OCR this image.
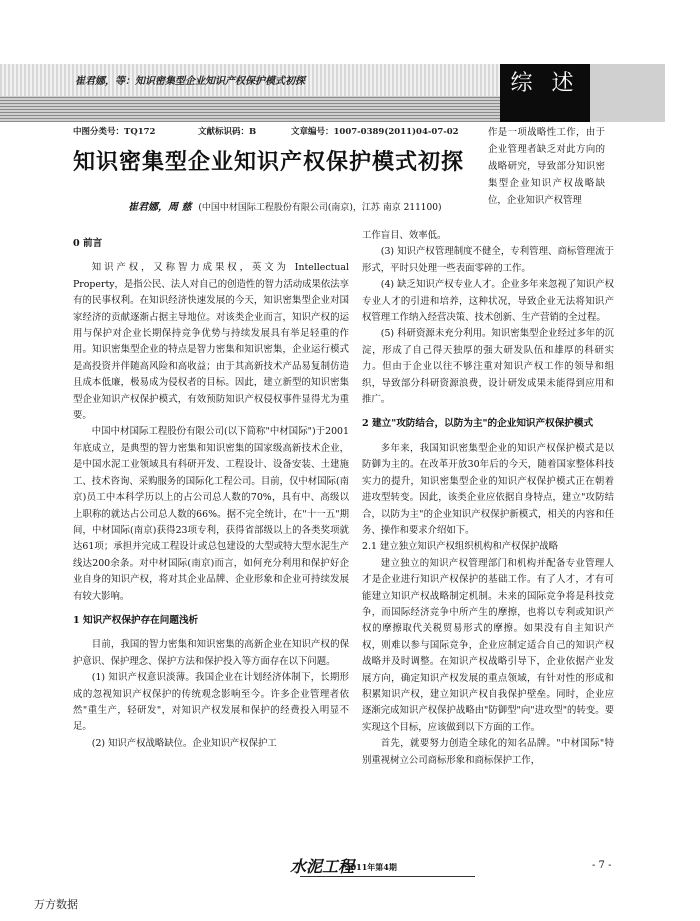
崔君娜，等：知识密集型企业知识产权保护模式初探	综 述
中图分类号：TQ172	文献标识码：B	文章编号：1007-0389(2011)04-07-02
知识密集型企业知识产权保护模式初探
崔君娜，周 慈 (中国中材国际工程股份有限公司(南京)，江苏 南京 211100)
作是一项战略性工作，由于企业管理者缺乏对此方向的战略研究，导致部分知识密集型企业知识产权战略缺位，企业知识产权管理
0 前言

知识产权，又称智力成果权，英文为 Intellectual Property，是指公民、法人对自己的创造性的智力活动成果依法享有的民事权利。在知识经济快速发展的今天，知识密集型企业对国家经济的贡献逐渐占据主导地位。对该类企业而言，知识产权的运用与保护对企业长期保持竞争优势与持续发展具有举足轻重的作用。知识密集型企业的特点是智力密集和知识密集，企业运行模式是高投资并伴随高风险和高收益；由于其高新技术产品易复制仿造且成本低廉，极易成为侵权者的目标。因此，建立新型的知识密集型企业知识产权保护模式，有效预防知识产权侵权事件显得尤为重要。

中国中材国际工程股份有限公司(以下简称"中材国际")于2001年底成立，是典型的智力密集和知识密集的国家级高新技术企业，是中国水泥工业领域具有科研开发、工程设计、设备安装、土建施工、技术咨询、采购服务的国际化工程公司。目前，仅中材国际(南京)员工中本科学历以上的占公司总人数的70%，具有中、高级以上职称的就达占公司总人数的66%。据不完全统计，在"十一五"期间，中材国际(南京)获得23项专利，获得省部级以上的各类奖项就达61项；承担并完成工程设计或总包建设的大型或特大型水泥生产线达200余条。对中材国际(南京)而言，如何充分利用和保护好企业自身的知识产权，将对其企业品牌、企业形象和企业可持续发展有较大影响。

1 知识产权保护存在问题浅析

目前，我国的智力密集和知识密集的高新企业在知识产权的保护意识、保护理念、保护方法和保护投入等方面存在以下问题。

(1) 知识产权意识淡薄。我国企业在计划经济体制下，长期形成的忽视知识产权保护的传统观念影响至今。许多企业管理者依然"重生产，轻研发"，对知识产权发展和保护的经费投入明显不足。

(2) 知识产权战略缺位。企业知识产权保护工

工作盲目、效率低。

(3) 知识产权管理制度不健全，专利管理、商标管理流于形式，平时只处理一些表面零碎的工作。

(4) 缺乏知识产权专业人才。企业多年来忽视了知识产权专业人才的引进和培养，这种状况，导致企业无法将知识产权管理工作纳入经营决策、技术创新、生产营销的全过程。

(5) 科研资源未充分利用。知识密集型企业经过多年的沉淀，形成了自己得天独厚的强大研发队伍和雄厚的科研实力。但由于企业以往不够注重对知识产权工作的领导和组织，导致部分科研资源浪费，设计研发成果未能得到应用和推广。

2 建立"攻防结合，以防为主"的企业知识产权保护模式

多年来，我国知识密集型企业的知识产权保护模式是以防御为主的。在改革开放30年后的今天，随着国家整体科技实力的提升，知识密集型企业的知识产权保护模式正在朝着进攻型转变。因此，该类企业应依据自身特点，建立"攻防结合，以防为主"的企业知识产权保护新模式，相关的内容和任务、操作和要求介绍如下。

2.1 建立独立知识产权组织机构和产权保护战略

建立独立的知识产权管理部门和机构并配备专业管理人才是企业进行知识产权保护的基础工作。有了人才，才有可能建立知识产权战略制定机制。未来的国际竞争将是科技竞争，而国际经济竞争中所产生的摩擦，也将以专利或知识产权的摩擦取代关税贸易形式的摩擦。如果没有自主知识产权，则难以参与国际竞争，企业应制定适合自己的知识产权战略并及时调整。在知识产权战略引导下，企业依据产业发展方向，确定知识产权发展的重点领域，有针对性的形成和积累知识产权，建立知识产权自我保护壁垒。同时，企业应逐渐完成知识产权保护战略由"防御型"向"进攻型"的转变。要实现这个目标，应该做到以下方面的工作。

首先，就要努力创造全球化的知名品牌。"中材国际"特别重视树立公司商标形象和商标保护工作，

水泥工程
2011年第4期	- 7 -
万方数据
